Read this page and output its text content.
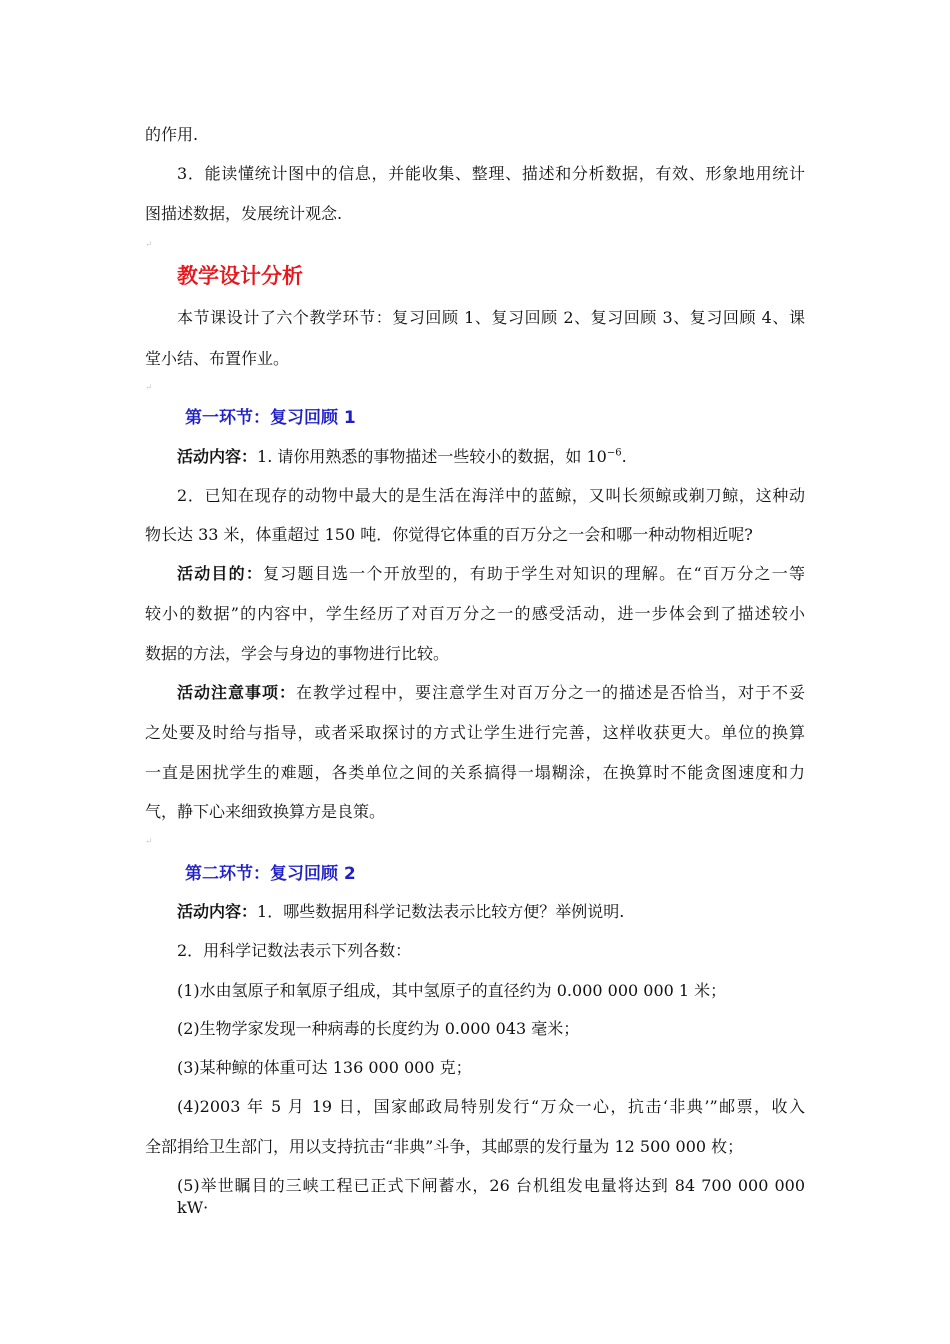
的作用.
3．能读懂统计图中的信息，并能收集、整理、描述和分析数据，有效、形象地用统计
图描述数据，发展统计观念.
↵
教学设计分析
本节课设计了六个教学环节：复习回顾 1、复习回顾 2、复习回顾 3、复习回顾 4、课
堂小结、布置作业。
↵
第一环节：复习回顾 1
活动内容：1. 请你用熟悉的事物描述一些较小的数据，如 $10^{-6}$.
2．已知在现存的动物中最大的是生活在海洋中的蓝鲸，又叫长须鲸或剃刀鲸，这种动
物长达 33 米，体重超过 150 吨．你觉得它体重的百万分之一会和哪一种动物相近呢?
活动目的：复习题目选一个开放型的，有助于学生对知识的理解。在“百万分之一等
较小的数据”的内容中，学生经历了对百万分之一的感受活动，进一步体会到了描述较小
数据的方法，学会与身边的事物进行比较。
活动注意事项：在教学过程中，要注意学生对百万分之一的描述是否恰当，对于不妥
之处要及时给与指导，或者采取探讨的方式让学生进行完善，这样收获更大。单位的换算
一直是困扰学生的难题，各类单位之间的关系搞得一塌糊涂，在换算时不能贪图速度和力
气，静下心来细致换算方是良策。
↵
第二环节：复习回顾 2
活动内容：1．哪些数据用科学记数法表示比较方便？举例说明.
2．用科学记数法表示下列各数：
(1)水由氢原子和氧原子组成，其中氢原子的直径约为 0.000 000 000 1 米；
(2)生物学家发现一种病毒的长度约为 0.000 043 毫米；
(3)某种鲸的体重可达 136 000 000 克；
(4)2003 年 5 月 19 日，国家邮政局特别发行“万众一心，抗击‘非典’”邮票，收入
全部捐给卫生部门，用以支持抗击“非典”斗争，其邮票的发行量为 12 500 000 枚；
(5)举世瞩目的三峡工程已正式下闸蓄水，26 台机组发电量将达到 84 700 000 000 kW·
